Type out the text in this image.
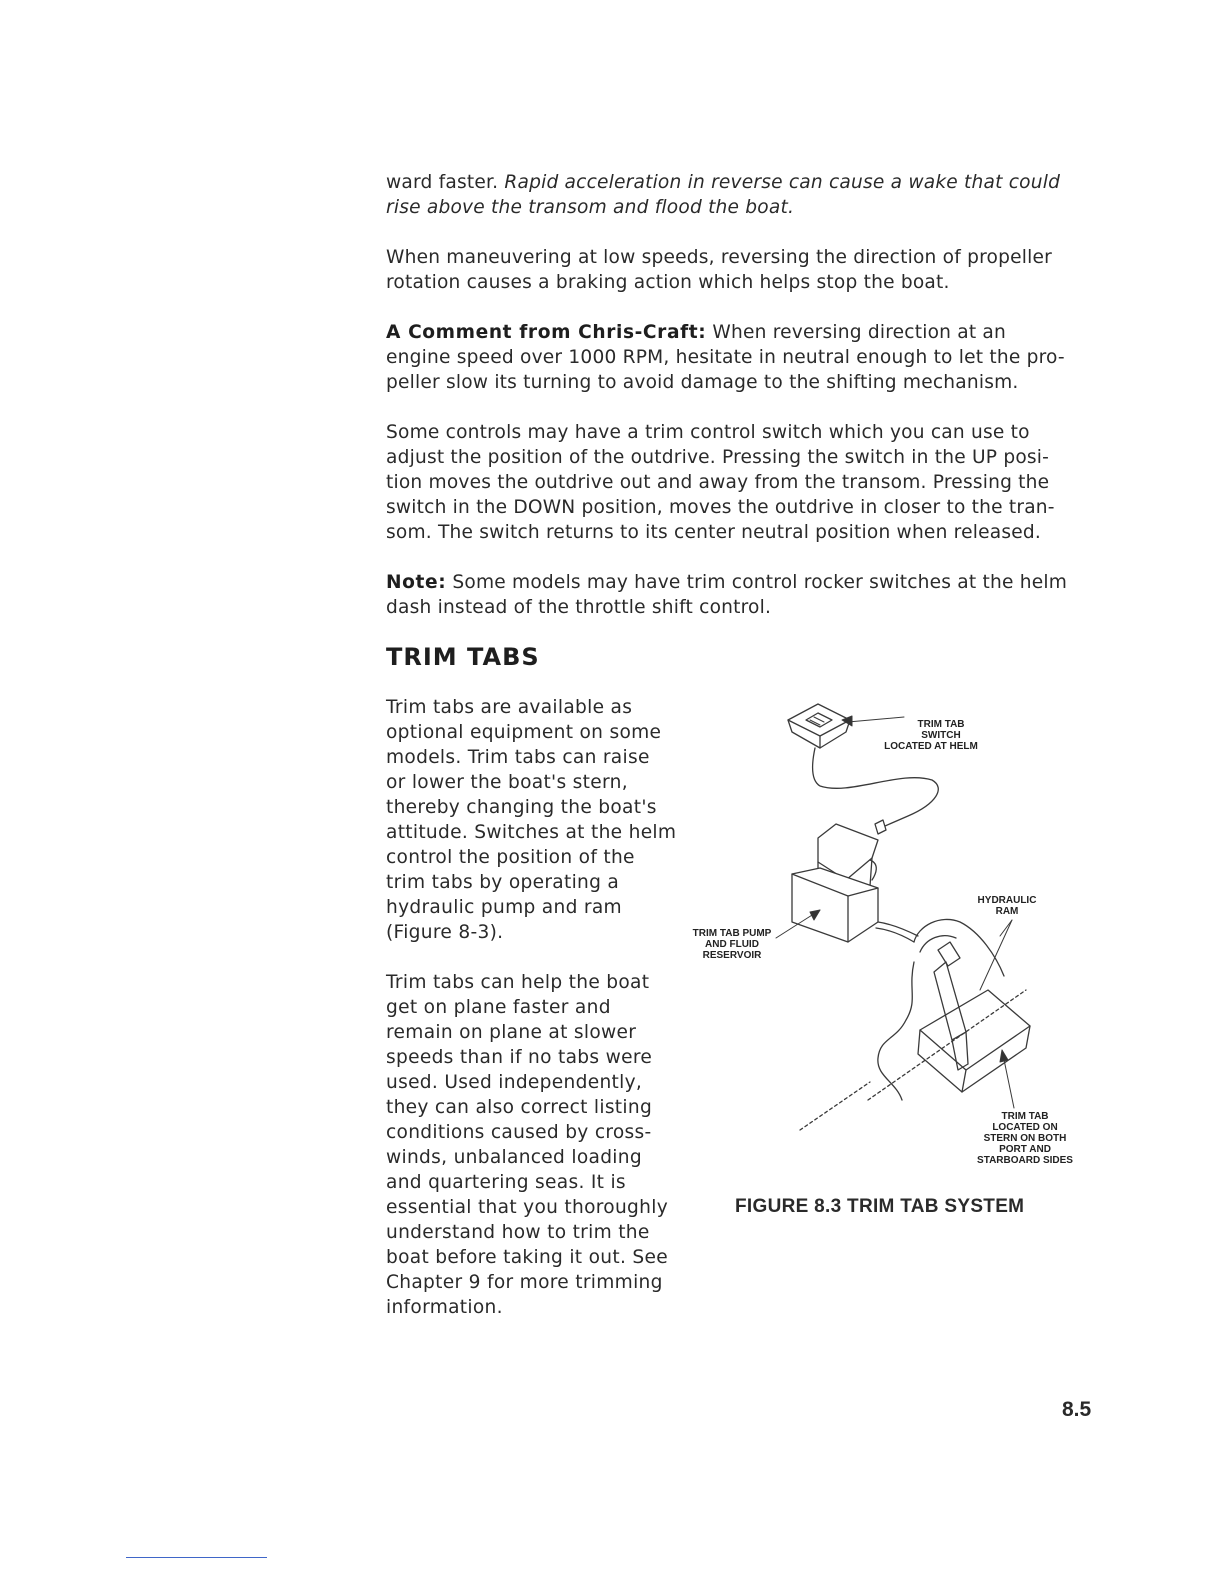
ward faster. Rapid acceleration in reverse can cause a wake that could
rise above the transom and flood the boat.
When maneuvering at low speeds, reversing the direction of propeller
rotation causes a braking action which helps stop the boat.
A Comment from Chris-Craft: When reversing direction at an
engine speed over 1000 RPM, hesitate in neutral enough to let the pro-
peller slow its turning to avoid damage to the shifting mechanism.
Some controls may have a trim control switch which you can use to
adjust the position of the outdrive. Pressing the switch in the UP posi-
tion moves the outdrive out and away from the transom. Pressing the
switch in the DOWN position, moves the outdrive in closer to the tran-
som. The switch returns to its center neutral position when released.
Note: Some models may have trim control rocker switches at the helm
dash instead of the throttle shift control.
TRIM TABS
Trim tabs are available as
optional equipment on some
models. Trim tabs can raise
or lower the boat's stern,
thereby changing the boat's
attitude. Switches at the helm
control the position of the
trim tabs by operating a
hydraulic pump and ram
(Figure 8-3).
Trim tabs can help the boat
get on plane faster and
remain on plane at slower
speeds than if no tabs were
used. Used independently,
they can also correct listing
conditions caused by cross-
winds, unbalanced loading
and quartering seas. It is
essential that you thoroughly
understand how to trim the
boat before taking it out. See
Chapter 9 for more trimming
information.
TRIM TAB SWITCH LOCATED AT HELM
TRIM TAB PUMP AND FLUID RESERVOIR
HYDRAULIC RAM
TRIM TAB LOCATED ON STERN ON BOTH PORT AND STARBOARD SIDES
FIGURE 8.3 TRIM TAB SYSTEM
8.5
